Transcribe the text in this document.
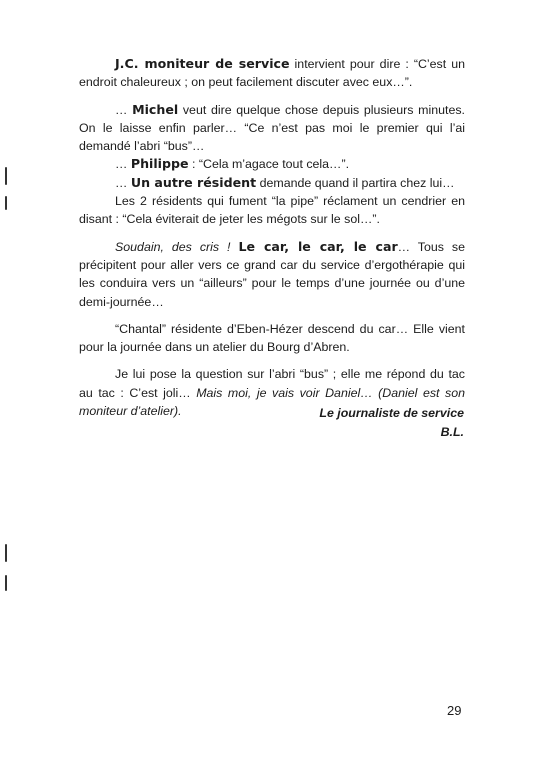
J.C. moniteur de service intervient pour dire : “C’est un endroit chaleureux ; on peut facilement discuter avec eux…”.

… Michel veut dire quelque chose depuis plusieurs minutes. On le laisse enfin parler… “Ce n’est pas moi le premier qui l’ai demandé l’abri “bus”…

… Philippe : “Cela m’agace tout cela…”.

… Un autre résident demande quand il partira chez lui…

Les 2 résidents qui fument “la pipe” réclament un cendrier en disant : “Cela éviterait de jeter les mégots sur le sol…”.

Soudain, des cris ! Le car, le car, le car… Tous se précipitent pour aller vers ce grand car du service d’ergothérapie qui les conduira vers un “ailleurs” pour le temps d’une journée ou d’une demi-journée…

“Chantal” résidente d’Eben-Hézer descend du car… Elle vient pour la journée dans un atelier du Bourg d’Abren.

Je lui pose la question sur l’abri “bus” ; elle me répond du tac au tac : C’est joli… Mais moi, je vais voir Daniel… (Daniel est son moniteur d’atelier).	Le journaliste de service
B.L.
29
